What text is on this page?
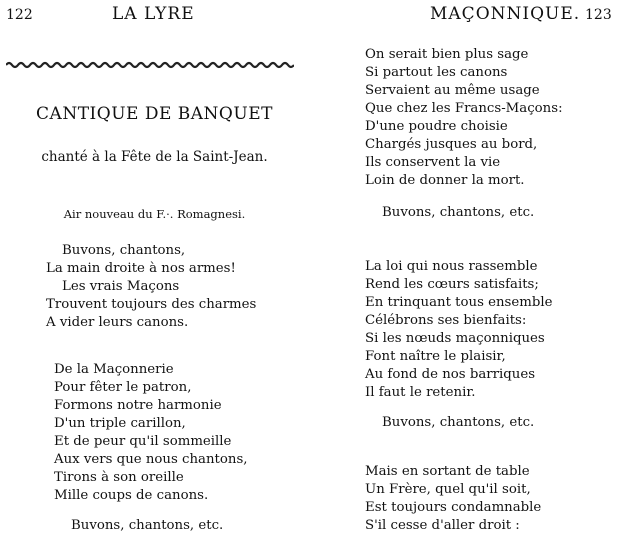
122	LA LYRE
CANTIQUE DE BANQUET
chanté à la Fête de la Saint-Jean.
Air nouveau du F.·. Romagnesi.
Buvons, chantons,
La main droite à nos armes!
Les vrais Maçons
Trouvent toujours des charmes
A vider leurs canons.
De la Maçonnerie
Pour fêter le patron,
Formons notre harmonie
D'un triple carillon,
Et de peur qu'il sommeille
Aux vers que nous chantons,
Tirons à son oreille
Mille coups de canons.
Buvons, chantons, etc.
MAÇONNIQUE. 123
On serait bien plus sage
Si partout les canons
Servaient au même usage
Que chez les Francs-Maçons:
D'une poudre choisie
Chargés jusques au bord,
Ils conservent la vie
Loin de donner la mort.
Buvons, chantons, etc.
La loi qui nous rassemble
Rend les cœurs satisfaits;
En trinquant tous ensemble
Célébrons ses bienfaits:
Si les nœuds maçonniques
Font naître le plaisir,
Au fond de nos barriques
Il faut le retenir.
Buvons, chantons, etc.
Mais en sortant de table
Un Frère, quel qu'il soit,
Est toujours condamnable
S'il cesse d'aller droit :
